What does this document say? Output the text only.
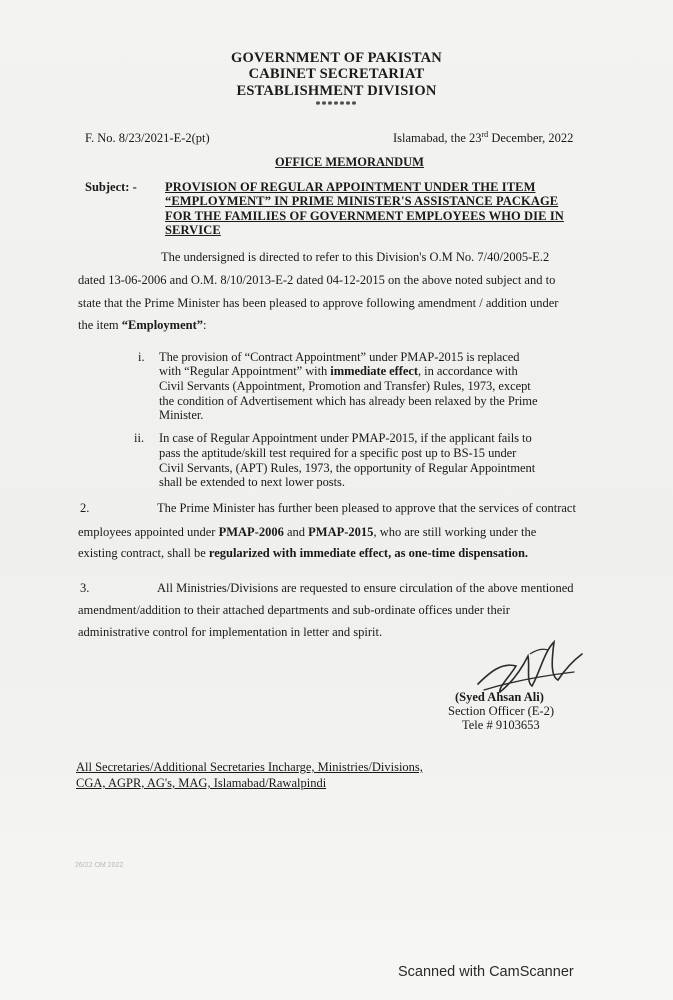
GOVERNMENT OF PAKISTAN
CABINET SECRETARIAT
ESTABLISHMENT DIVISION
*******
F. No. 8/23/2021-E-2(pt)	Islamabad, the 23rd December, 2022
OFFICE MEMORANDUM
Subject: - PROVISION OF REGULAR APPOINTMENT UNDER THE ITEM
“EMPLOYMENT” IN PRIME MINISTER'S ASSISTANCE PACKAGE
FOR THE FAMILIES OF GOVERNMENT EMPLOYEES WHO DIE IN
SERVICE
The undersigned is directed to refer to this Division's O.M No. 7/40/2005-E.2
dated 13-06-2006 and O.M. 8/10/2013-E-2 dated 04-12-2015 on the above noted subject and to
state that the Prime Minister has been pleased to approve following amendment / addition under
the item “Employment”:
i. The provision of “Contract Appointment” under PMAP-2015 is replaced
with “Regular Appointment” with immediate effect, in accordance with
Civil Servants (Appointment, Promotion and Transfer) Rules, 1973, except
the condition of Advertisement which has already been relaxed by the Prime
Minister.
ii. In case of Regular Appointment under PMAP-2015, if the applicant fails to
pass the aptitude/skill test required for a specific post up to BS-15 under
Civil Servants, (APT) Rules, 1973, the opportunity of Regular Appointment
shall be extended to next lower posts.
2.	The Prime Minister has further been pleased to approve that the services of contract
employees appointed under PMAP-2006 and PMAP-2015, who are still working under the
existing contract, shall be regularized with immediate effect, as one-time dispensation.
3.	All Ministries/Divisions are requested to ensure circulation of the above mentioned
amendment/addition to their attached departments and sub-ordinate offices under their
administrative control for implementation in letter and spirit.
(Syed Ahsan Ali)
Section Officer (E-2)
Tele # 9103653
All Secretaries/Additional Secretaries Incharge, Ministries/Divisions,
CGA, AGPR, AG's, MAG, Islamabad/Rawalpindi
26/22 OM 2022
Scanned with CamScanner
